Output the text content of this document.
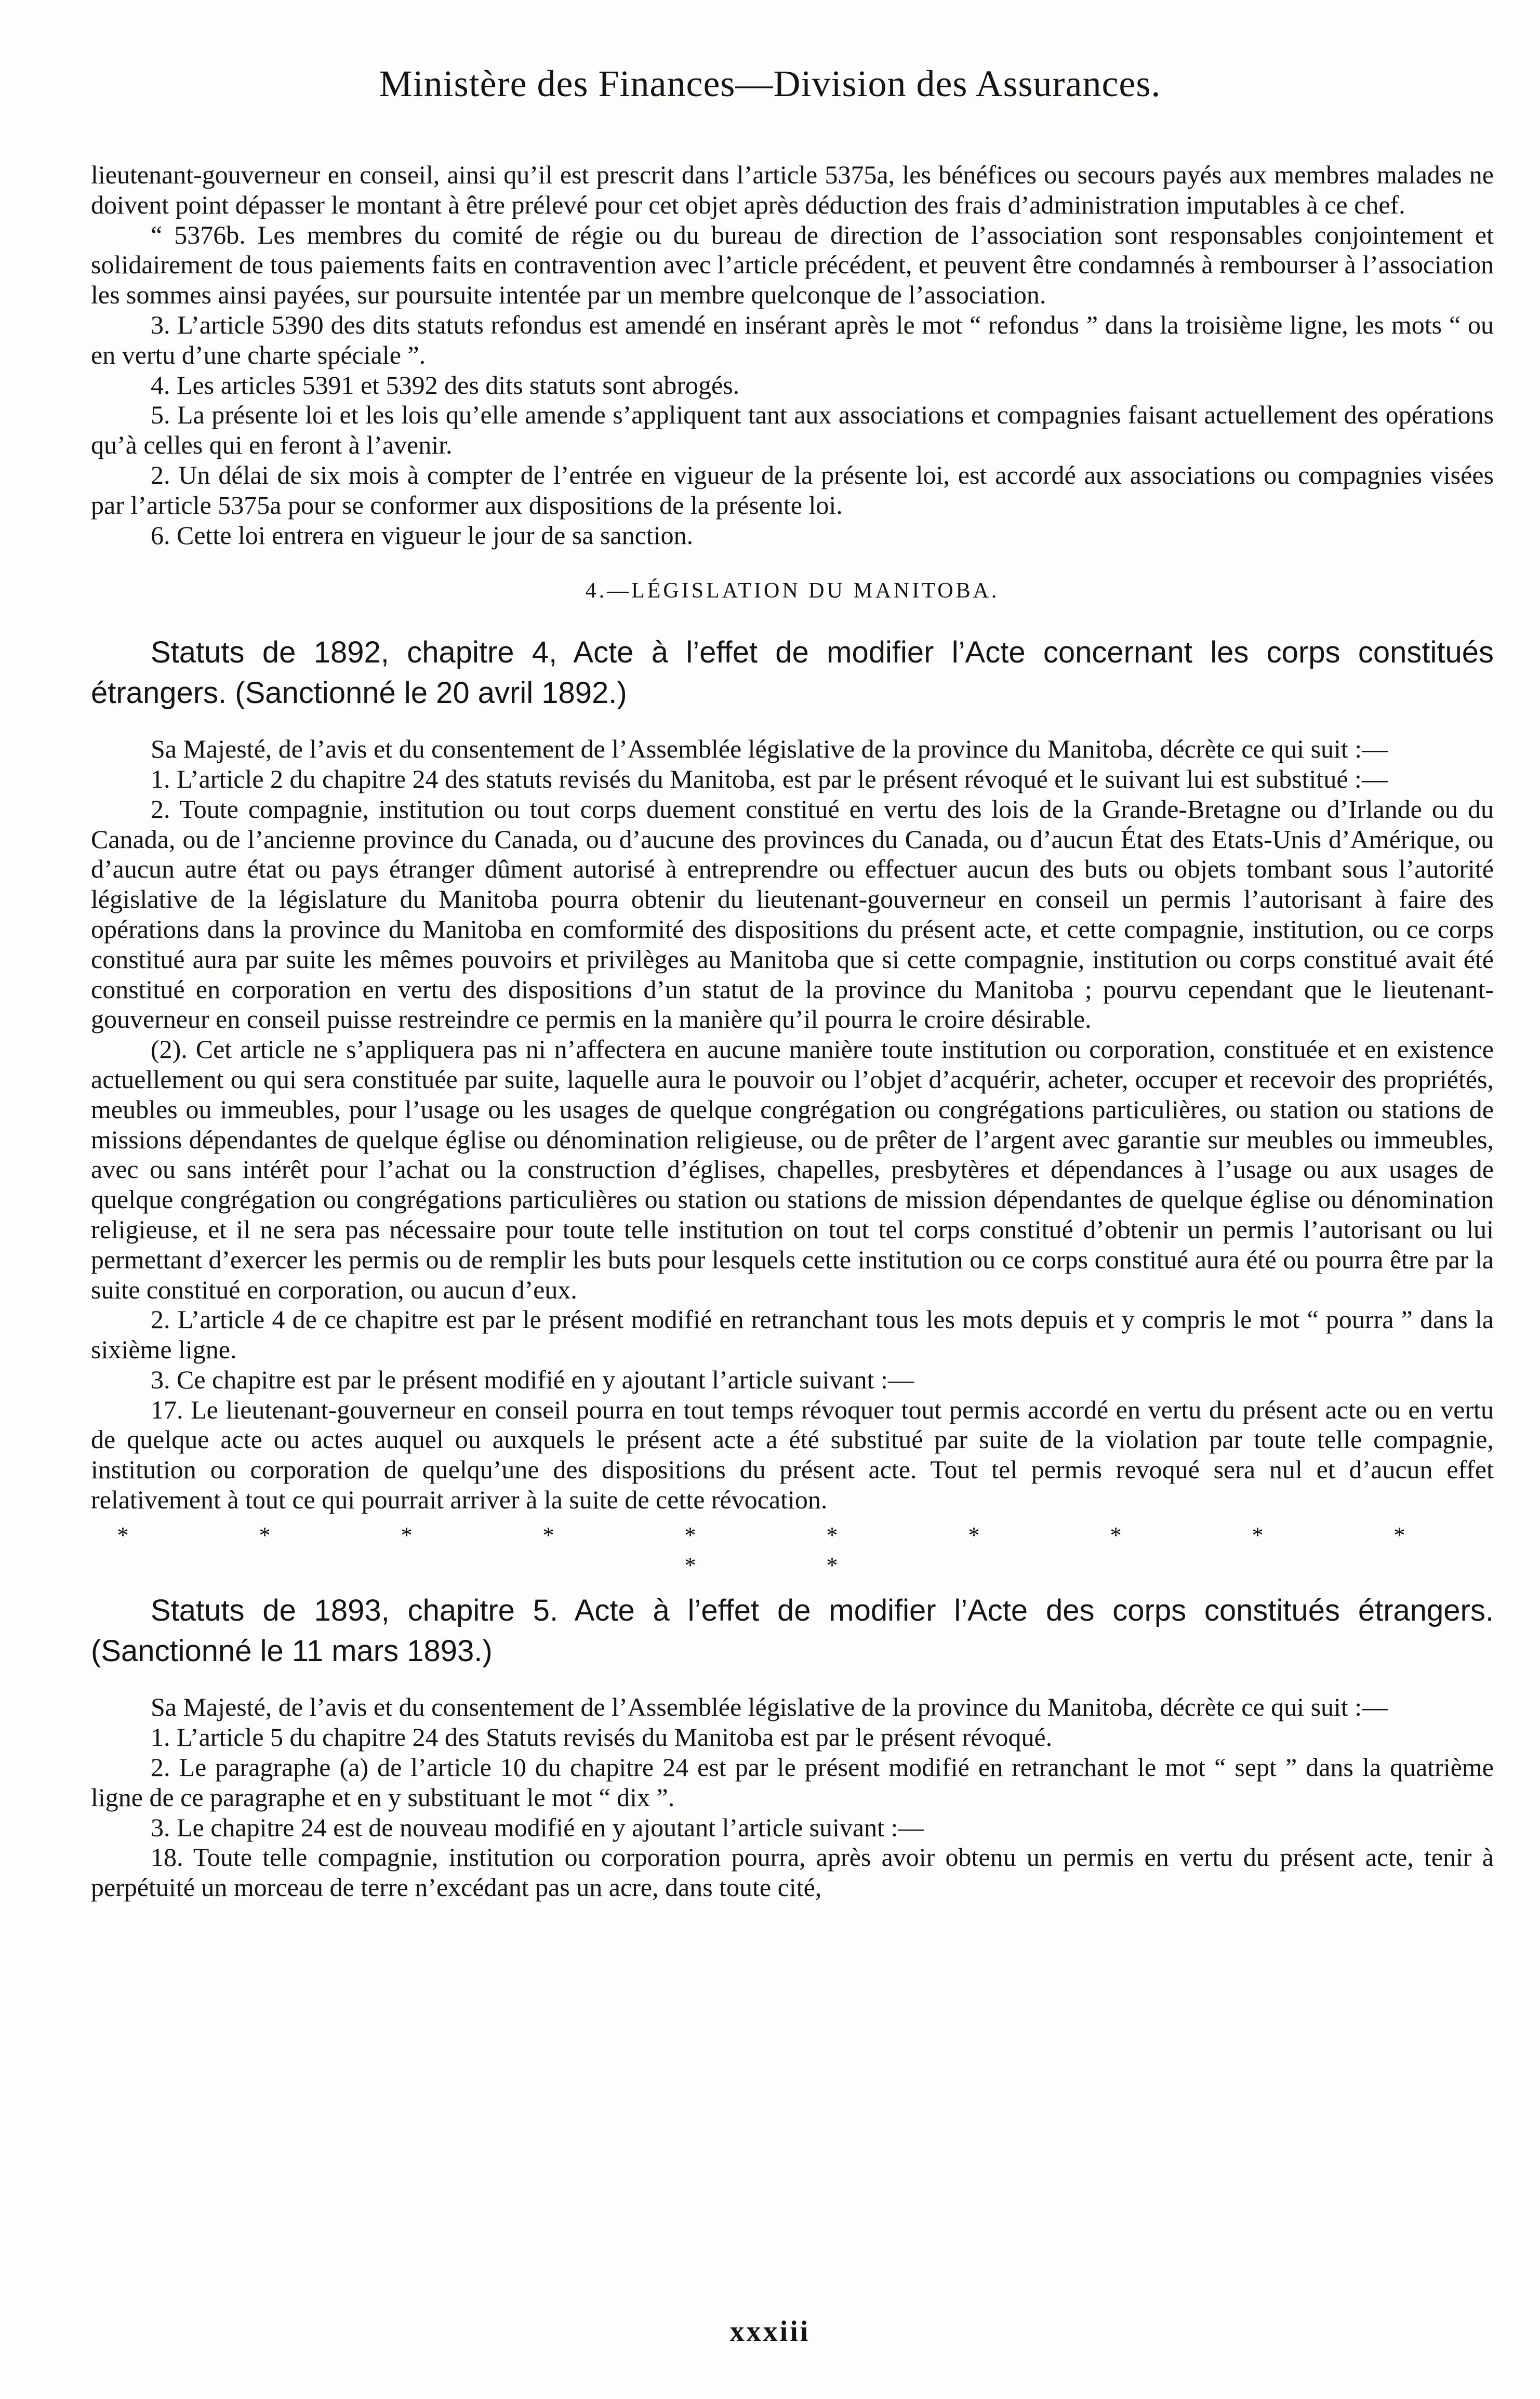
Ministère des Finances—Division des Assurances.

lieutenant-gouverneur en conseil, ainsi qu’il est prescrit dans l’article 5375a, les bénéfices ou secours payés aux membres malades ne doivent point dépasser le montant à être prélevé pour cet objet après déduction des frais d’administration imputables à ce chef.

“ 5376b. Les membres du comité de régie ou du bureau de direction de l’association sont responsables conjointement et solidairement de tous paiements faits en contravention avec l’article précédent, et peuvent être condamnés à rembourser à l’association les sommes ainsi payées, sur poursuite intentée par un membre quelconque de l’association.

3. L’article 5390 des dits statuts refondus est amendé en insérant après le mot “ refondus ” dans la troisième ligne, les mots “ ou en vertu d’une charte spéciale ”.

4. Les articles 5391 et 5392 des dits statuts sont abrogés.

5. La présente loi et les lois qu’elle amende s’appliquent tant aux associations et compagnies faisant actuellement des opérations qu’à celles qui en feront à l’avenir.

2. Un délai de six mois à compter de l’entrée en vigueur de la présente loi, est accordé aux associations ou compagnies visées par l’article 5375a pour se conformer aux dispositions de la présente loi.

6. Cette loi entrera en vigueur le jour de sa sanction.

4.—LÉGISLATION DU MANITOBA.
Statuts de 1892, chapitre 4, Acte à l’effet de modifier l’Acte concernant les corps constitués étrangers. (Sanctionné le 20 avril 1892.)

Sa Majesté, de l’avis et du consentement de l’Assemblée législative de la province du Manitoba, décrète ce qui suit :—

1. L’article 2 du chapitre 24 des statuts revisés du Manitoba, est par le présent révoqué et le suivant lui est substitué :—

2. Toute compagnie, institution ou tout corps duement constitué en vertu des lois de la Grande-Bretagne ou d’Irlande ou du Canada, ou de l’ancienne province du Canada, ou d’aucune des provinces du Canada, ou d’aucun État des Etats-Unis d’Amérique, ou d’aucun autre état ou pays étranger dûment autorisé à entreprendre ou effectuer aucun des buts ou objets tombant sous l’autorité législative de la législature du Manitoba pourra obtenir du lieutenant-gouverneur en conseil un permis l’autorisant à faire des opérations dans la province du Manitoba en comformité des dispositions du présent acte, et cette compagnie, institution, ou ce corps constitué aura par suite les mêmes pouvoirs et privilèges au Manitoba que si cette compagnie, institution ou corps constitué avait été constitué en corporation en vertu des dispositions d’un statut de la province du Manitoba ; pourvu cependant que le lieutenant-gouverneur en conseil puisse restreindre ce permis en la manière qu’il pourra le croire désirable.

(2). Cet article ne s’appliquera pas ni n’affectera en aucune manière toute institution ou corporation, constituée et en existence actuellement ou qui sera constituée par suite, laquelle aura le pouvoir ou l’objet d’acquérir, acheter, occuper et recevoir des propriétés, meubles ou immeubles, pour l’usage ou les usages de quelque congrégation ou congrégations particulières, ou station ou stations de missions dépendantes de quelque église ou dénomination religieuse, ou de prêter de l’argent avec garantie sur meubles ou immeubles, avec ou sans intérêt pour l’achat ou la construction d’églises, chapelles, presbytères et dépendances à l’usage ou aux usages de quelque congrégation ou congrégations particulières ou station ou stations de mission dépendantes de quelque église ou dénomination religieuse, et il ne sera pas nécessaire pour toute telle institution on tout tel corps constitué d’obtenir un permis l’autorisant ou lui permettant d’exercer les permis ou de remplir les buts pour lesquels cette institution ou ce corps constitué aura été ou pourra être par la suite constitué en corporation, ou aucun d’eux.

2. L’article 4 de ce chapitre est par le présent modifié en retranchant tous les mots depuis et y compris le mot “ pourra ” dans la sixième ligne.

3. Ce chapitre est par le présent modifié en y ajoutant l’article suivant :—

17. Le lieutenant-gouverneur en conseil pourra en tout temps révoquer tout permis accordé en vertu du présent acte ou en vertu de quelque acte ou actes auquel ou auxquels le présent acte a été substitué par suite de la violation par toute telle compagnie, institution ou corporation de quelqu’une des dispositions du présent acte. Tout tel permis revoqué sera nul et d’aucun effet relativement à tout ce qui pourrait arriver à la suite de cette révocation.

* * * * * * * * * * * *
Statuts de 1893, chapitre 5. Acte à l’effet de modifier l’Acte des corps constitués étrangers. (Sanctionné le 11 mars 1893.)

Sa Majesté, de l’avis et du consentement de l’Assemblée législative de la province du Manitoba, décrète ce qui suit :—

1. L’article 5 du chapitre 24 des Statuts revisés du Manitoba est par le présent révoqué.

2. Le paragraphe (a) de l’article 10 du chapitre 24 est par le présent modifié en retranchant le mot “ sept ” dans la quatrième ligne de ce paragraphe et en y substituant le mot “ dix ”.

3. Le chapitre 24 est de nouveau modifié en y ajoutant l’article suivant :—

18. Toute telle compagnie, institution ou corporation pourra, après avoir obtenu un permis en vertu du présent acte, tenir à perpétuité un morceau de terre n’excédant pas un acre, dans toute cité,

xxxiii
